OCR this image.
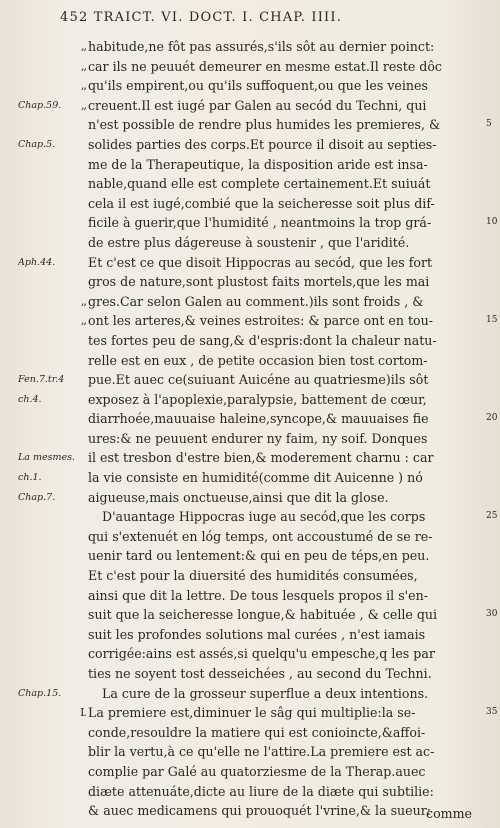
452 TRAICT. VI. DOCT. I. CHAP. IIII.
,, habitude,ne fôt pas assurés,s'ils sôt au dernier poinct:
,, car ils ne peuuét demeurer en mesme estat.Il reste dôc
,, qu'ils empirent,ou qu'ils suffoquent,ou que les veines
Chap.59.	,, creuent.Il est iugé par Galen au secód du Techni, qui
n'est possible de rendre plus humides les premieres, &	5
Chap.5.	solides parties des corps.Et pource il disoit au septies-
me de la Therapeutique, la disposition aride est insa-
nable,quand elle est complete certainement.Et suiuát
cela il est iugé,combié que la seicheresse soit plus dif-
ficile à guerir,que l'humidité , neantmoins la trop grá-	10
de estre plus dágereuse à soustenir , que l'aridité.
Aph.44.	Et c'est ce que disoit Hippocras au secód, que les fort
gros de nature,sont plustost faits mortels,que les mai
,, gres.Car selon Galen au comment.)ils sont froids , &
,, ont les arteres,& veines estroites: & parce ont en tou-	15
tes fortes peu de sang,& d'espris:dont la chaleur natu-
relle est en eux , de petite occasion bien tost cortom-
Fen.7.tr.4	pue.Et auec ce(suiuant Auicéne au quatriesme)ils sôt
ch.4.	exposez à l'apoplexie,paralypsie, battement de cœur,
diarrhoée,mauuaise haleine,syncope,& mauuaises fie	20
ures:& ne peuuent endurer ny faim, ny soif. Donques
La mesmes.	il est tresbon d'estre bien,& moderement charnu : car
ch.1.	la vie consiste en humidité(comme dit Auicenne ) nó
Chap.7.	aigueuse,mais onctueuse,ainsi que dit la glose.
D'auantage Hippocras iuge au secód,que les corps	25
qui s'extenuét en lóg temps, ont accoustumé de se re-
uenir tard ou lentement:& qui en peu de téps,en peu.
Et c'est pour la diuersité des humidités consumées,
ainsi que dit la lettre. De tous lesquels propos il s'en-
suit que la seicheresse longue,& habituée , & celle qui	30
suit les profondes solutions mal curées , n'est iamais
corrigée:ains est assés,si quelqu'u empesche,q les par
ties ne soyent tost desseichées , au second du Techni.
Chap.15.	La cure de la grosseur superflue a deux intentions.
I. La premiere est,diminuer le sâg qui multiplie:la se-	35
conde,resouldre la matiere qui est conioincte,&affoi-
blir la vertu,à ce qu'elle ne l'attire.La premiere est ac-
complie par Galé au quatorziesme de la Therap.auec
diæte attenuáte,dicte au liure de la diæte qui subtilie:
& auec medicamens qui prouoquét l'vrine,& la sueur:
comme
